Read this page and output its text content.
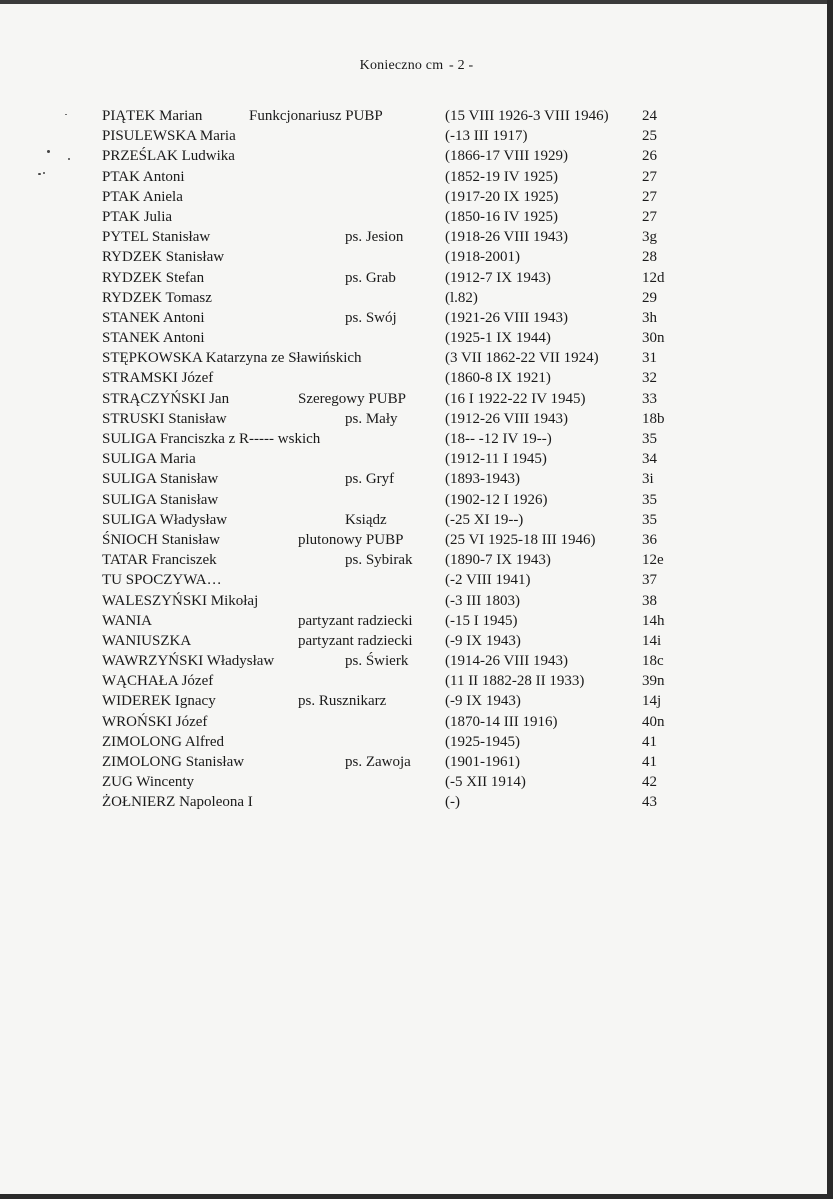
Konieczno cm - 2 -
PIĄTEK Marian	Funkcjonariusz PUBP	(15 VIII 1926-3 VIII 1946) 24
PISULEWSKA Maria	(-13 III 1917)	25
PRZEŚLAK Ludwika	(1866-17 VIII 1929)	26
PTAK Antoni	(1852-19 IV 1925)	27
PTAK Aniela	(1917-20 IX 1925)	27
PTAK Julia	(1850-16 IV 1925)	27
PYTEL Stanisław	ps. Jesion	(1918-26 VIII 1943)	3g
RYDZEK Stanisław	(1918-2001)	28
RYDZEK Stefan	ps. Grab	(1912-7 IX 1943)	12d
RYDZEK Tomasz	(l.82)	29
STANEK Antoni	ps. Swój	(1921-26 VIII 1943)	3h
STANEK Antoni	(1925-1 IX 1944)	30n
STĘPKOWSKA Katarzyna ze Sławińskich	(3 VII 1862-22 VII 1924)	31
STRAMSKI Józef	(1860-8 IX 1921)	32
STRĄCZYŃSKI Jan	Szeregowy PUBP	(16 I 1922-22 IV 1945)	33
STRUSKI Stanisław	ps. Mały	(1912-26 VIII 1943)	18b
SULIGA Franciszka z R----- wskich	(18-- -12 IV 19--)	35
SULIGA Maria	(1912-11 I 1945)	34
SULIGA Stanisław	ps. Gryf	(1893-1943)	3i
SULIGA Stanisław	(1902-12 I 1926)	35
SULIGA Władysław	Ksiądz	(-25 XI 19--)	35
ŚNIOCH Stanisław	plutonowy PUBP	(25 VI 1925-18 III 1946)	36
TATAR Franciszek	ps. Sybirak (1890-7 IX 1943)	12e
TU SPOCZYWA…	(-2 VIII 1941)	37
WALESZYŃSKI Mikołaj	(-3 III 1803)	38
WANIA	partyzant radziecki (-15 I 1945)	14h
WANIUSZKA	partyzant radziecki (-9 IX 1943)	14i
WAWRZYŃSKI Władysław	ps. Świerk (1914-26 VIII 1943)	18c
WĄCHAŁA Józef	(11 II 1882-28 II 1933)	39n
WIDEREK Ignacy	ps. Rusznikarz	(-9 IX 1943)	14j
WROŃSKI Józef	(1870-14 III 1916)	40n
ZIMOLONG Alfred	(1925-1945)	41
ZIMOLONG Stanisław	ps. Zawoja (1901-1961)	41
ZUG Wincenty	(-5 XII 1914)	42
ŻOŁNIERZ Napoleona I	(-)	43
